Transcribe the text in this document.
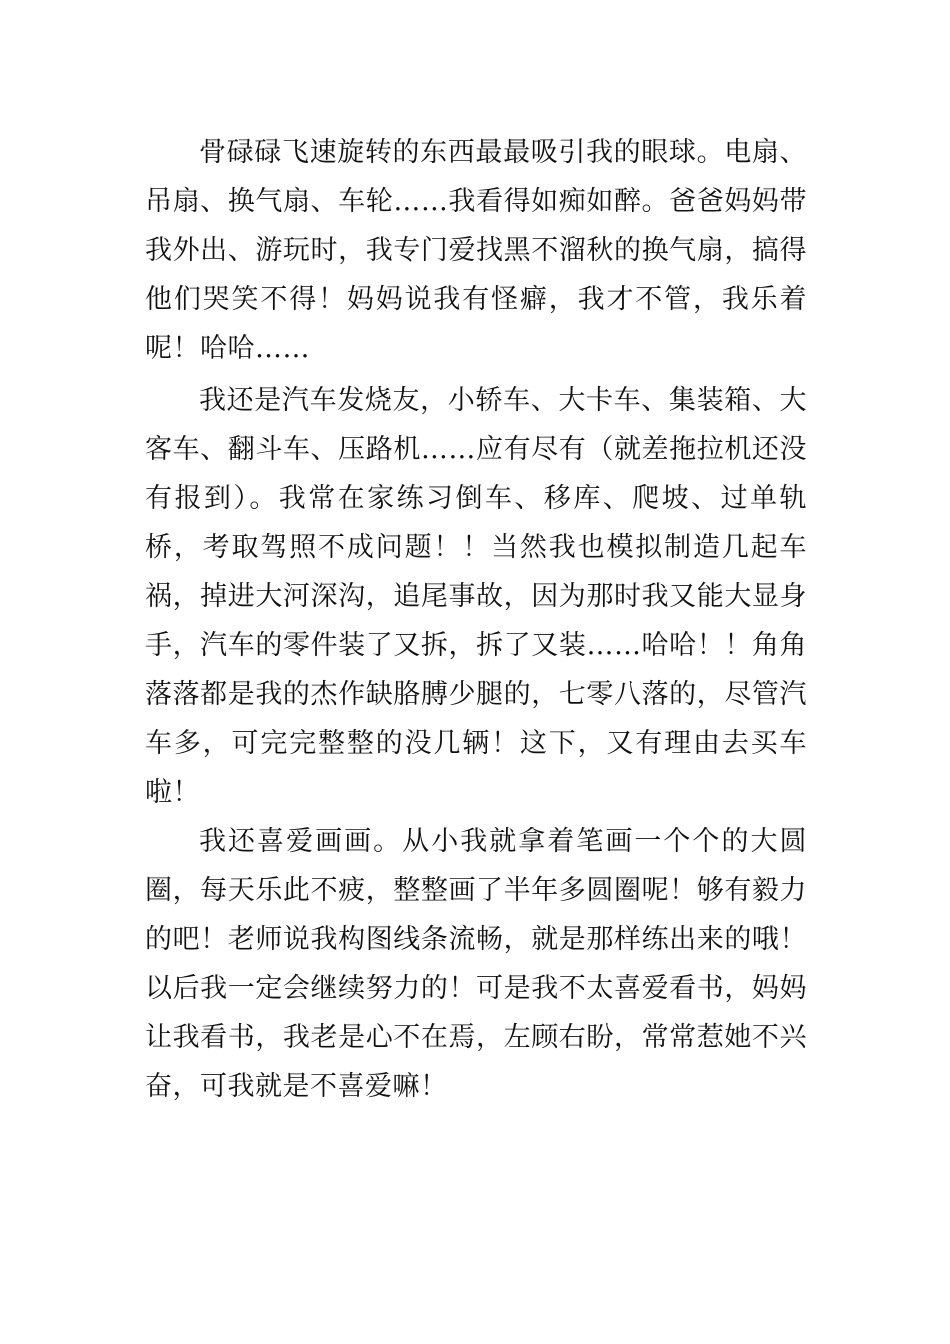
骨碌碌飞速旋转的东西最最吸引我的眼球。电扇、吊扇、换气扇、车轮……我看得如痴如醉。爸爸妈妈带我外出、游玩时，我专门爱找黑不溜秋的换气扇，搞得他们哭笑不得！妈妈说我有怪癖，我才不管，我乐着呢！哈哈……

我还是汽车发烧友，小轿车、大卡车、集装箱、大客车、翻斗车、压路机……应有尽有（就差拖拉机还没有报到）。我常在家练习倒车、移库、爬坡、过单轨桥，考取驾照不成问题！！当然我也模拟制造几起车祸，掉进大河深沟，追尾事故，因为那时我又能大显身手，汽车的零件装了又拆，拆了又装……哈哈！！角角落落都是我的杰作缺胳膊少腿的，七零八落的，尽管汽车多，可完完整整的没几辆！这下，又有理由去买车啦！

我还喜爱画画。从小我就拿着笔画一个个的大圆圈，每天乐此不疲，整整画了半年多圆圈呢！够有毅力的吧！老师说我构图线条流畅，就是那样练出来的哦！以后我一定会继续努力的！可是我不太喜爱看书，妈妈让我看书，我老是心不在焉，左顾右盼，常常惹她不兴奋，可我就是不喜爱嘛！
